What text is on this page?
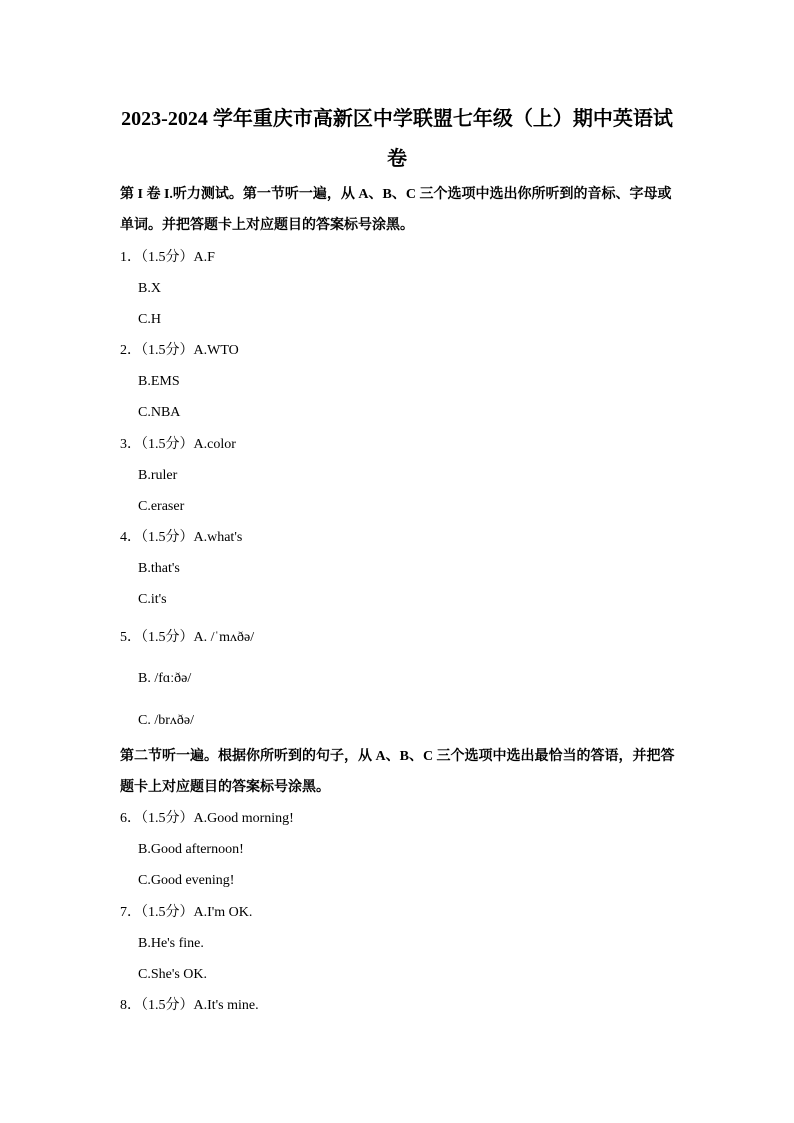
2023-2024 学年重庆市高新区中学联盟七年级（上）期中英语试
卷
第 I 卷 I.听力测试。第一节听一遍，从 A、B、C 三个选项中选出你所听到的音标、字母或
单词。并把答题卡上对应题目的答案标号涂黑。
1．（1.5分）A.F
B.X
C.H
2．（1.5分）A.WTO
B.EMS
C.NBA
3．（1.5分）A.color
B.ruler
C.eraser
4．（1.5分）A.what's
B.that's
C.it's
5．（1.5分）A. /ˈmʌðə/
B. /fɑːðə/
C. /brʌðə/
第二节听一遍。根据你所听到的句子，从 A、B、C 三个选项中选出最恰当的答语，并把答
题卡上对应题目的答案标号涂黑。
6．（1.5分）A.Good morning!
B.Good afternoon!
C.Good evening!
7．（1.5分）A.I'm OK.
B.He's fine.
C.She's OK.
8．（1.5分）A.It's mine.
